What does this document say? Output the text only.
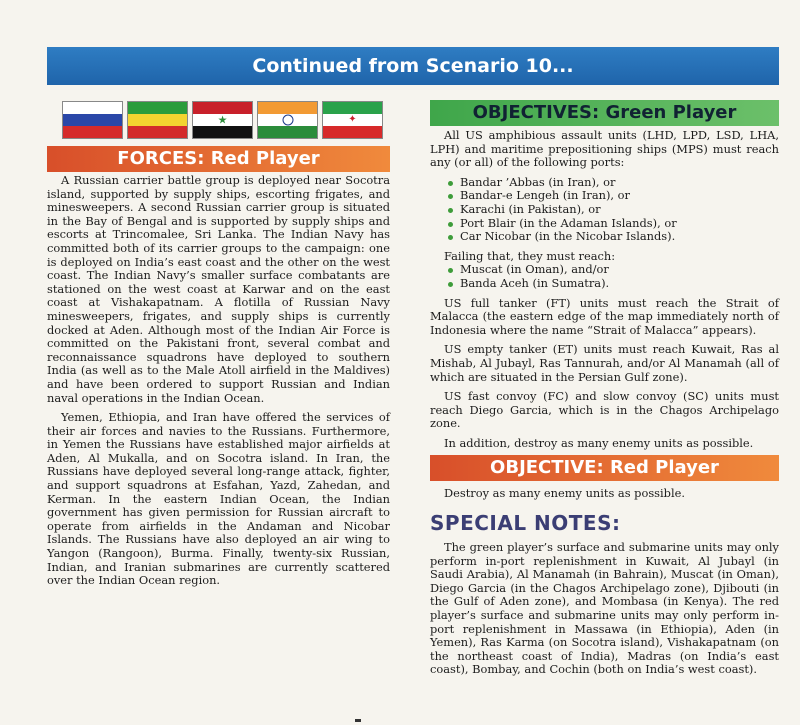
Continued from Scenario 10...
★	✦
FORCES: Red Player

A Russian carrier battle group is deployed near Socotra island, supported by supply ships, escorting frigates, and minesweepers. A second Russian carrier group is situated in the Bay of Bengal and is supported by supply ships and escorts at Trincomalee, Sri Lanka. The Indian Navy has committed both of its carrier groups to the campaign: one is deployed on India’s east coast and the other on the west coast. The Indian Navy’s smaller surface combatants are stationed on the west coast at Karwar and on the east coast at Vishakapatnam. A flotilla of Russian Navy minesweepers, frigates, and supply ships is currently docked at Aden. Although most of the Indian Air Force is committed on the Pakistani front, several combat and reconnaissance squadrons have deployed to southern India (as well as to the Male Atoll airfield in the Maldives) and have been ordered to support Russian and Indian naval operations in the Indian Ocean.

Yemen, Ethiopia, and Iran have offered the services of their air forces and navies to the Russians. Furthermore, in Yemen the Russians have established major airfields at Aden, Al Mukalla, and on Socotra island. In Iran, the Russians have deployed several long-range attack, fighter, and support squadrons at Esfahan, Yazd, Zahedan, and Kerman. In the eastern Indian Ocean, the Indian government has given permission for Russian aircraft to operate from airfields in the Andaman and Nicobar Islands. The Russians have also deployed an air wing to Yangon (Rangoon), Burma. Finally, twenty-six Russian, Indian, and Iranian submarines are currently scattered over the Indian Ocean region.

OBJECTIVES: Green Player

All US amphibious assault units (LHD, LPD, LSD, LHA, LPH) and maritime prepositioning ships (MPS) must reach any (or all) of the following ports:

Bandar ’Abbas (in Iran), or
Bandar-e Lengeh (in Iran), or
Karachi (in Pakistan), or
Port Blair (in the Adaman Islands), or
Car Nicobar (in the Nicobar Islands).

Failing that, they must reach:

Muscat (in Oman), and/or
Banda Aceh (in Sumatra).

US full tanker (FT) units must reach the Strait of Malacca (the eastern edge of the map immediately north of Indonesia where the name “Strait of Malacca” appears).

US empty tanker (ET) units must reach Kuwait, Ras al Mishab, Al Jubayl, Ras Tannurah, and/or Al Manamah (all of which are situated in the Persian Gulf zone).

US fast convoy (FC) and slow convoy (SC) units must reach Diego Garcia, which is in the Chagos Archipelago zone.

In addition, destroy as many enemy units as possible.

OBJECTIVE: Red Player

Destroy as many enemy units as possible.

SPECIAL NOTES:

The green player’s surface and submarine units may only perform in-port replenishment in Kuwait, Al Jubayl (in Saudi Arabia), Al Manamah (in Bahrain), Muscat (in Oman), Diego Garcia (in the Chagos Archipelago zone), Djibouti (in the Gulf of Aden zone), and Mombasa (in Kenya). The red player’s surface and submarine units may only perform in-port replenishment in Massawa (in Ethiopia), Aden (in Yemen), Ras Karma (on Socotra island), Vishakapatnam (on the northeast coast of India), Madras (on India’s east coast), Bombay, and Cochin (both on India’s west coast).
